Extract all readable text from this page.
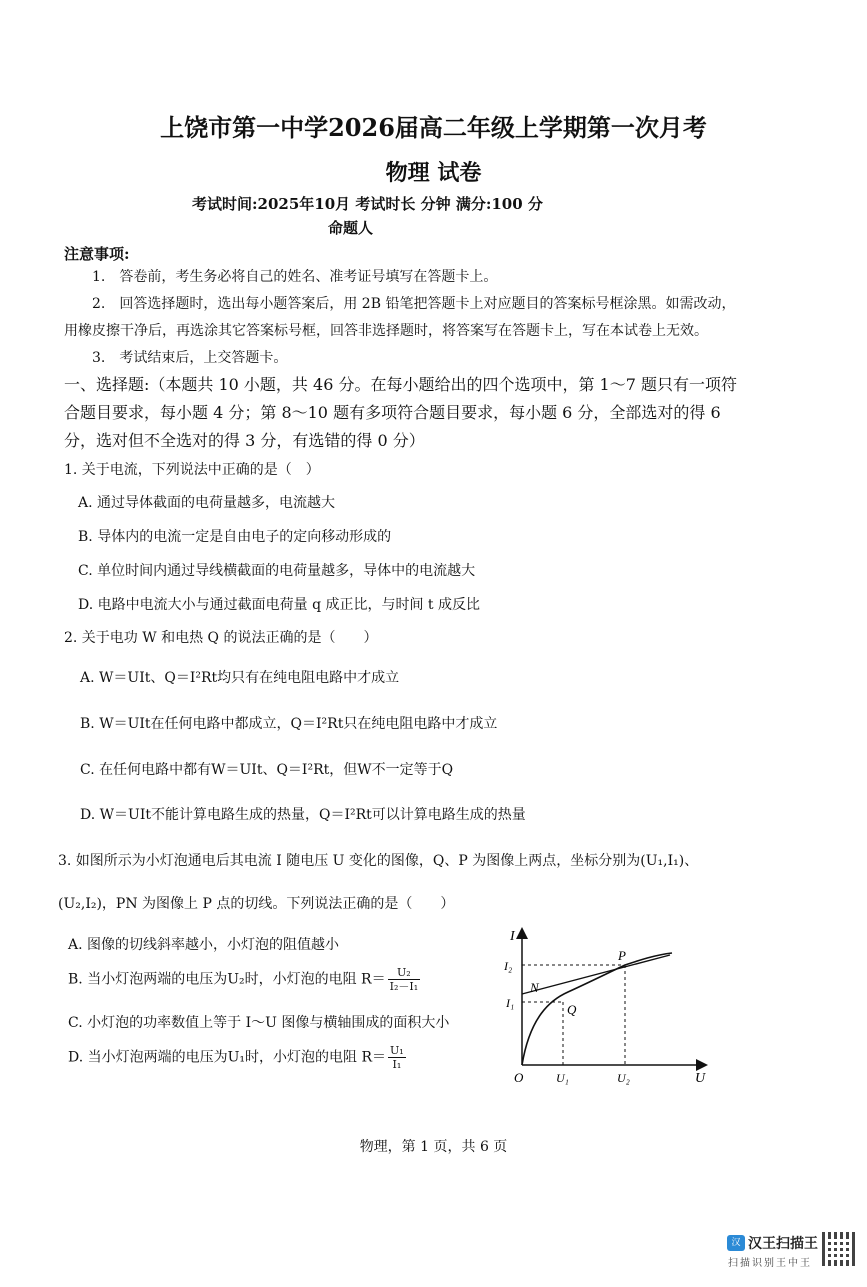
上饶市第一中学2026届高二年级上学期第一次月考
物理 试卷
考试时间:2025年10月 考试时长 分钟 满分:100 分
命题人
注意事项:
1.　答卷前，考生务必将自己的姓名、准考证号填写在答题卡上。
2.　回答选择题时，选出每小题答案后，用 2B 铅笔把答题卡上对应题目的答案标号框涂黑。如需改动，
用橡皮擦干净后，再选涂其它答案标号框，回答非选择题时，将答案写在答题卡上，写在本试卷上无效。
3.　考试结束后，上交答题卡。
一、选择题:（本题共 10 小题，共 46 分。在每小题给出的四个选项中，第 1～7 题只有一项符
合题目要求，每小题 4 分；第 8～10 题有多项符合题目要求，每小题 6 分，全部选对的得 6
分，选对但不全选对的得 3 分，有选错的得 0 分）
1. 关于电流，下列说法中正确的是（　）
A. 通过导体截面的电荷量越多，电流越大
B. 导体内的电流一定是自由电子的定向移动形成的
C. 单位时间内通过导线横截面的电荷量越多，导体中的电流越大
D. 电路中电流大小与通过截面电荷量 q 成正比，与时间 t 成反比
2. 关于电功 W 和电热 Q 的说法正确的是（　　）
A. W＝UIt、Q＝I²Rt均只有在纯电阻电路中才成立
B. W＝UIt在任何电路中都成立，Q＝I²Rt只在纯电阻电路中才成立
C. 在任何电路中都有W＝UIt、Q＝I²Rt，但W不一定等于Q
D. W＝UIt不能计算电路生成的热量，Q＝I²Rt可以计算电路生成的热量
3. 如图所示为小灯泡通电后其电流 I 随电压 U 变化的图像，Q、P 为图像上两点，坐标分别为(U₁,I₁)、
(U₂,I₂)，PN 为图像上 P 点的切线。下列说法正确的是（　　）
A. 图像的切线斜率越小，小灯泡的阻值越小
B. 当小灯泡两端的电压为U₂时，小灯泡的电阻 $R= \frac{\text{U₂}}{\text{I₂－I₁}}$
C. 小灯泡的功率数值上等于 I～U 图像与横轴围成的面积大小
D. 当小灯泡两端的电压为U₁时，小灯泡的电阻 $R= \frac{\text{U₁}}{\text{I₁}}$
I
U
O
I₂
I₁
U₁	U₂
P
Q
N
物理，第 1 页，共 6 页
汉 汉王扫描王
扫描识别王中王
